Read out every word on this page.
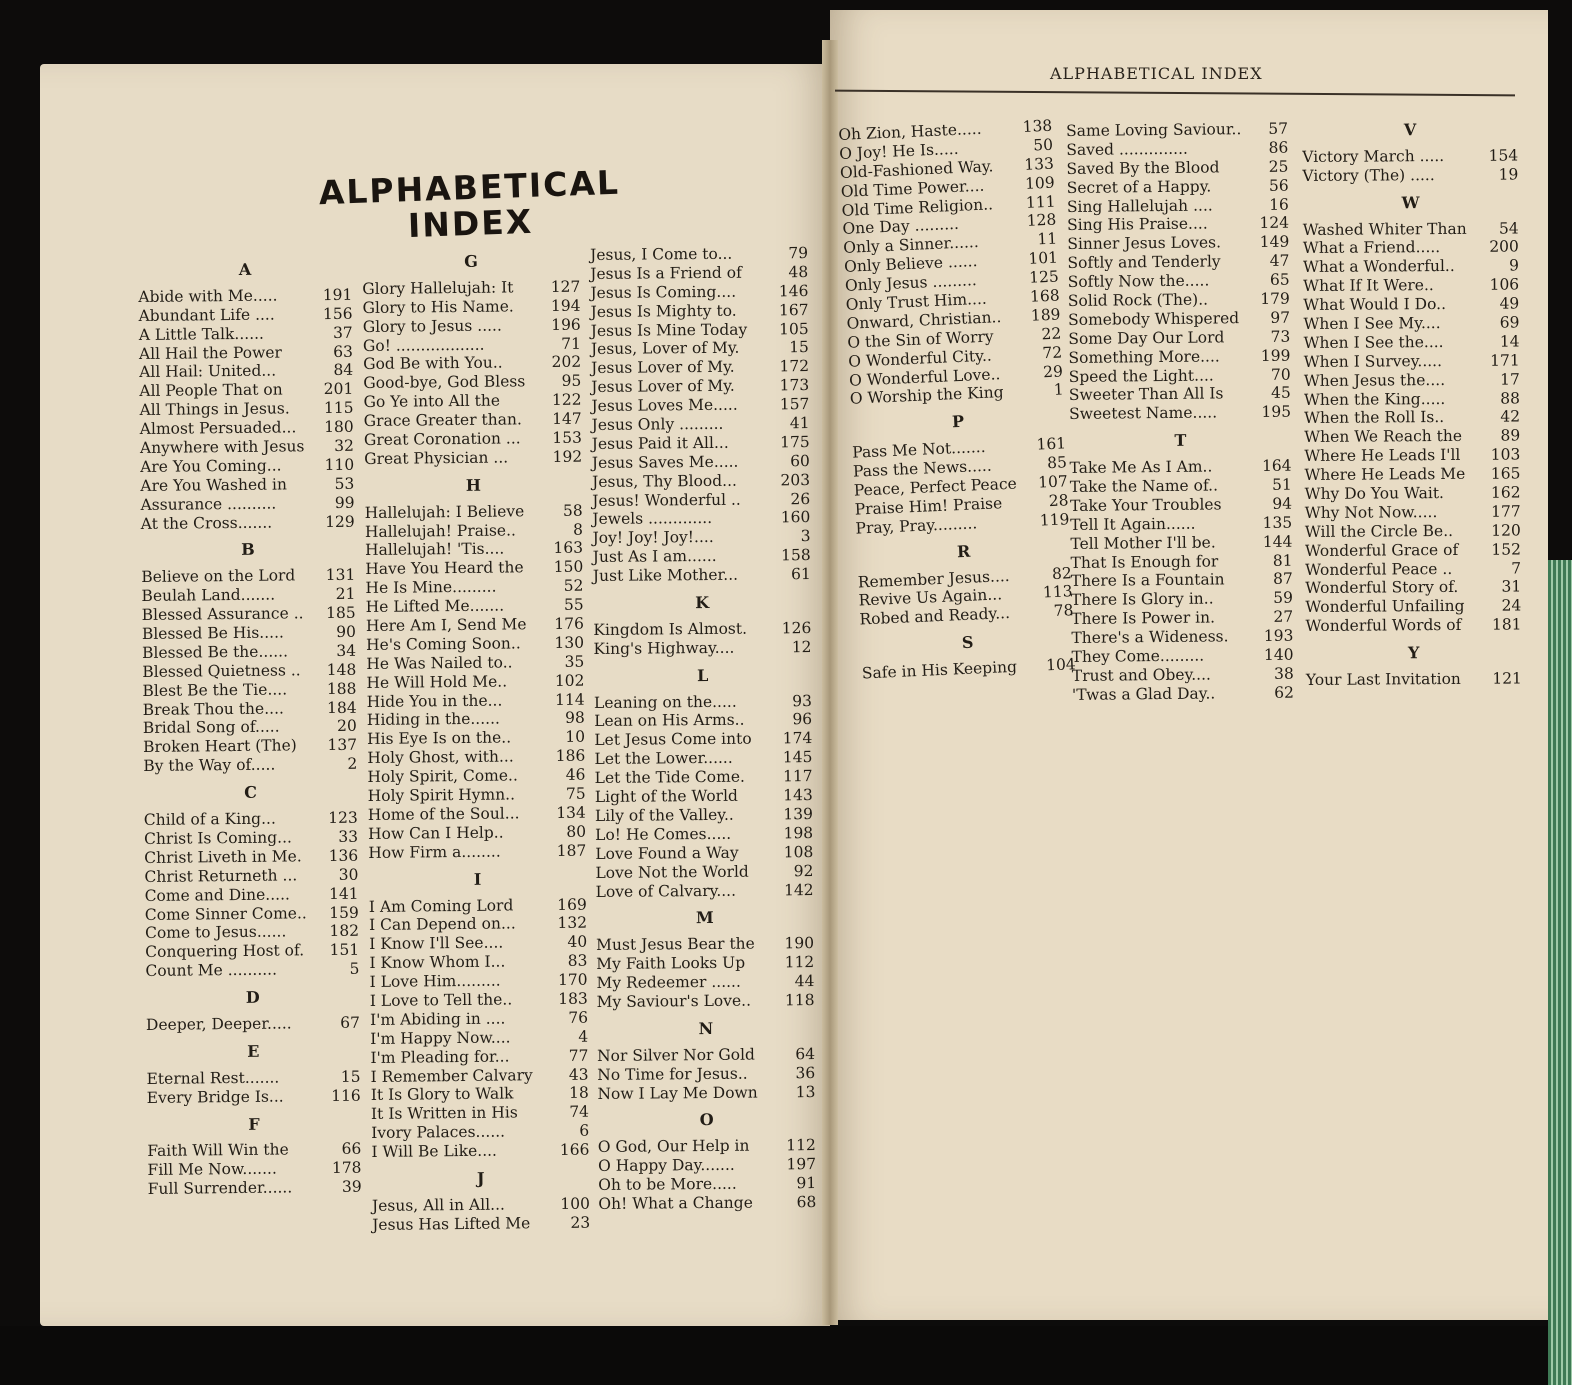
ALPHABETICAL
INDEX
ALPHABETICAL INDEX
A
Abide with Me.....	191
Abundant Life ....	156
A Little Talk......	37
All Hail the Power	63
All Hail: United...	84
All People That on	201
All Things in Jesus.	115
Almost Persuaded...	180
Anywhere with Jesus	32
Are You Coming...	110
Are You Washed in	53
Assurance ..........	99
At the Cross.......	129
B
Believe on the Lord	131
Beulah Land.......	21
Blessed Assurance ..	185
Blessed Be His.....	90
Blessed Be the......	34
Blessed Quietness ..	148
Blest Be the Tie....	188
Break Thou the....	184
Bridal Song of.....	20
Broken Heart (The)	137
By the Way of.....	2
C
Child of a King...	123
Christ Is Coming...	33
Christ Liveth in Me.	136
Christ Returneth ...	30
Come and Dine.....	141
Come Sinner Come..	159
Come to Jesus......	182
Conquering Host of.	151
Count Me ..........	5
D
Deeper, Deeper.....	67
E
Eternal Rest.......	15
Every Bridge Is...	116
F
Faith Will Win the	66
Fill Me Now.......	178
Full Surrender......	39
G
Glory Hallelujah: It	127
Glory to His Name.	194
Glory to Jesus .....	196
Go! ..................	71
God Be with You..	202
Good-bye, God Bless	95
Go Ye into All the	122
Grace Greater than.	147
Great Coronation ...	153
Great Physician ...	192
H
Hallelujah: I Believe	58
Hallelujah! Praise..	8
Hallelujah! 'Tis....	163
Have You Heard the	150
He Is Mine.........	52
He Lifted Me.......	55
Here Am I, Send Me	176
He's Coming Soon..	130
He Was Nailed to..	35
He Will Hold Me..	102
Hide You in the...	114
Hiding in the......	98
His Eye Is on the..	10
Holy Ghost, with...	186
Holy Spirit, Come..	46
Holy Spirit Hymn..	75
Home of the Soul...	134
How Can I Help..	80
How Firm a........	187
I
I Am Coming Lord	169
I Can Depend on...	132
I Know I'll See....	40
I Know Whom I...	83
I Love Him.........	170
I Love to Tell the..	183
I'm Abiding in ....	76
I'm Happy Now....	4
I'm Pleading for...	77
I Remember Calvary	43
It Is Glory to Walk	18
It Is Written in His	74
Ivory Palaces......	6
I Will Be Like....	166
J
Jesus, All in All...	100
Jesus Has Lifted Me	23
Jesus, I Come to...	79
Jesus Is a Friend of	48
Jesus Is Coming....	146
Jesus Is Mighty to.	167
Jesus Is Mine Today	105
Jesus, Lover of My.	15
Jesus Lover of My.	172
Jesus Lover of My.	173
Jesus Loves Me.....	157
Jesus Only .........	41
Jesus Paid it All...	175
Jesus Saves Me.....	60
Jesus, Thy Blood...	203
Jesus! Wonderful ..	26
Jewels .............	160
Joy! Joy! Joy!....	3
Just As I am......	158
Just Like Mother...	61
K
Kingdom Is Almost.	126
King's Highway....	12
L
Leaning on the.....	93
Lean on His Arms..	96
Let Jesus Come into	174
Let the Lower......	145
Let the Tide Come.	117
Light of the World	143
Lily of the Valley..	139
Lo! He Comes.....	198
Love Found a Way	108
Love Not the World	92
Love of Calvary....	142
M
Must Jesus Bear the	190
My Faith Looks Up	112
My Redeemer ......	44
My Saviour's Love..	118
N
Nor Silver Nor Gold	64
No Time for Jesus..	36
Now I Lay Me Down	13
O
O God, Our Help in	112
O Happy Day.......	197
Oh to be More.....	91
Oh! What a Change	68
Oh Zion, Haste.....	138
O Joy! He Is.....	50
Old-Fashioned Way.	133
Old Time Power....	109
Old Time Religion..	111
One Day .........	128
Only a Sinner......	11
Only Believe ......	101
Only Jesus .........	125
Only Trust Him....	168
Onward, Christian..	189
O the Sin of Worry	22
O Wonderful City..	72
O Wonderful Love..	29
O Worship the King	1
P
Pass Me Not.......	161
Pass the News.....	85
Peace, Perfect Peace	107
Praise Him! Praise	28
Pray, Pray.........	119
R
Remember Jesus....	82
Revive Us Again...	113
Robed and Ready...	78
S
Safe in His Keeping	104
Same Loving Saviour..	57
Saved ..............	86
Saved By the Blood	25
Secret of a Happy.	56
Sing Hallelujah ....	16
Sing His Praise....	124
Sinner Jesus Loves.	149
Softly and Tenderly	47
Softly Now the.....	65
Solid Rock (The)..	179
Somebody Whispered	97
Some Day Our Lord	73
Something More....	199
Speed the Light....	70
Sweeter Than All Is	45
Sweetest Name.....	195
T
Take Me As I Am..	164
Take the Name of..	51
Take Your Troubles	94
Tell It Again......	135
Tell Mother I'll be.	144
That Is Enough for	81
There Is a Fountain	87
There Is Glory in..	59
There Is Power in.	27
There's a Wideness.	193
They Come.........	140
Trust and Obey....	38
'Twas a Glad Day..	62
V
Victory March .....	154
Victory (The) .....	19
W
Washed Whiter Than	54
What a Friend.....	200
What a Wonderful..	9
What If It Were..	106
What Would I Do..	49
When I See My....	69
When I See the....	14
When I Survey.....	171
When Jesus the....	17
When the King.....	88
When the Roll Is..	42
When We Reach the	89
Where He Leads I'll	103
Where He Leads Me	165
Why Do You Wait.	162
Why Not Now.....	177
Will the Circle Be..	120
Wonderful Grace of	152
Wonderful Peace ..	7
Wonderful Story of.	31
Wonderful Unfailing	24
Wonderful Words of	181
Y
Your Last Invitation	121
